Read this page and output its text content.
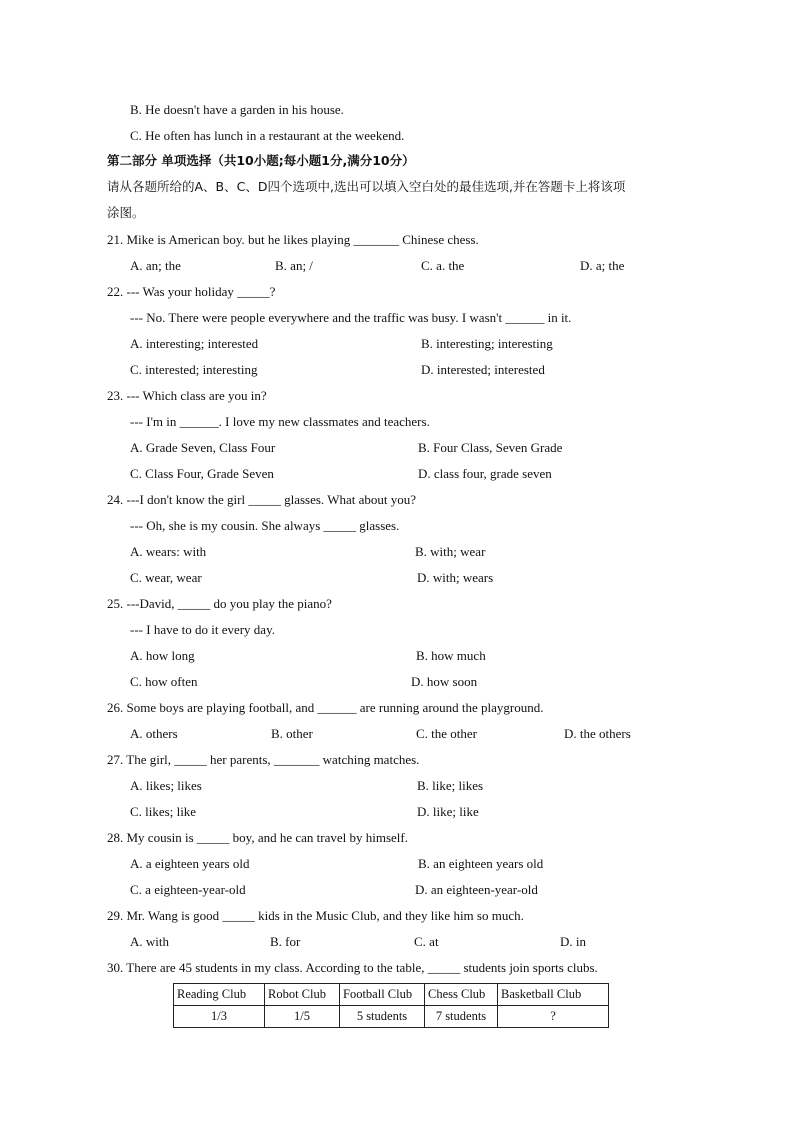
B. He doesn't have a garden in his house.
C. He often has lunch in a restaurant at the weekend.
第二部分 单项选择（共10小题;每小题1分,满分10分）
请从各题所给的A、B、C、D四个选项中,选出可以填入空白处的最佳选项,并在答题卡上将该项
涂图。
21. Mike is American boy. but he likes playing _______ Chinese chess.
A. an; the	B. an; /	C. a. the	D. a; the
22. --- Was your holiday _____?
--- No. There were people everywhere and the traffic was busy. I wasn't ______ in it.
A. interesting; interested	B. interesting; interesting
C. interested; interesting	D. interested; interested
23. --- Which class are you in?
--- I'm in ______. I love my new classmates and teachers.
A. Grade Seven, Class Four	B. Four Class, Seven Grade
C. Class Four, Grade Seven	D. class four, grade seven
24. ---I don't know the girl _____ glasses. What about you?
--- Oh, she is my cousin. She always _____ glasses.
A. wears: with	B. with; wear
C. wear, wear	D. with; wears
25. ---David, _____ do you play the piano?
--- I have to do it every day.
A. how long	B. how much
C. how often	D. how soon
26. Some boys are playing football, and ______ are running around the playground.
A. others	B. other	C. the other	D. the others
27. The girl, _____ her parents, _______ watching matches.
A. likes; likes	B. like; likes
C. likes; like	D. like; like
28. My cousin is _____ boy, and he can travel by himself.
A. a eighteen years old	B. an eighteen years old
C. a eighteen-year-old	D. an eighteen-year-old
29. Mr. Wang is good _____ kids in the Music Club, and they like him so much.
A. with	B. for	C. at	D. in
30. There are 45 students in my class. According to the table, _____ students join sports clubs.
Reading Club	Robot Club	Football Club	Chess Club	Basketball Club
1/3	1/5	5 students	7 students	?
